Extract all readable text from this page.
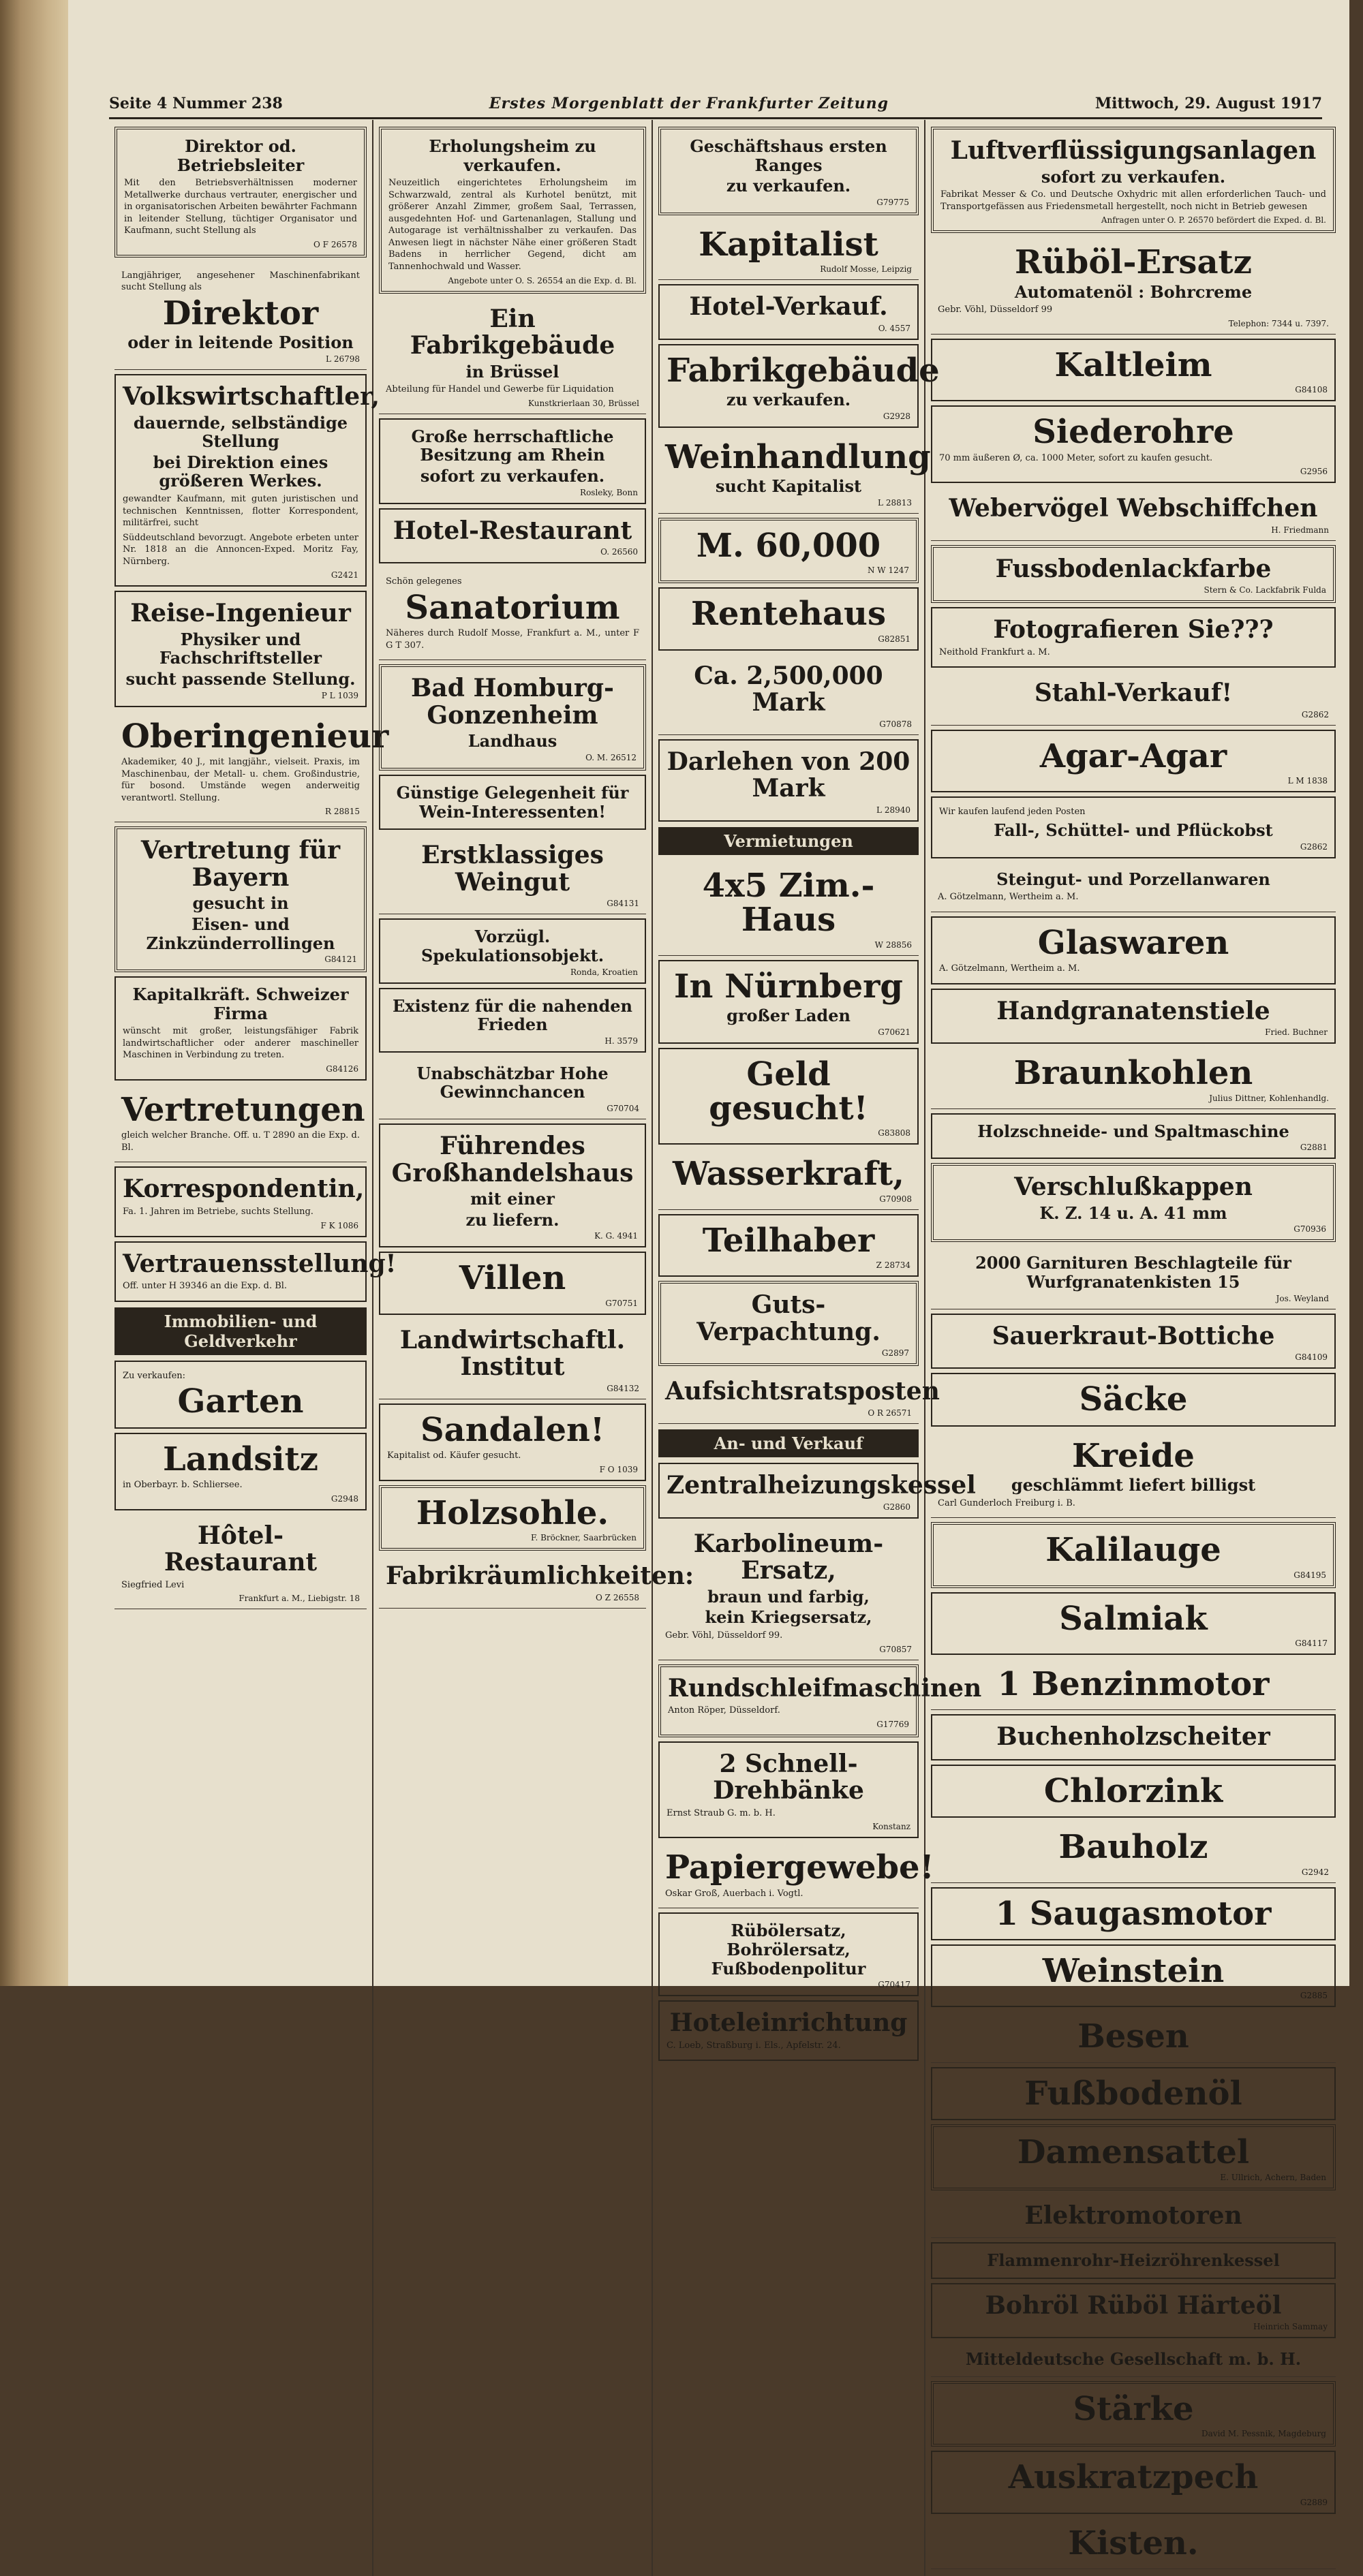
Seite 4 Nummer 238	Erstes Morgenblatt der Frankfurter Zeitung	Mittwoch, 29. August 1917
Direktor od. Betriebsleiter
Mit den Betriebsverhältnissen moderner Metallwerke durchaus vertrauter, energischer und in organisatorischen Arbeiten bewährter Fachmann in leitender Stellung, tüchtiger Organisator und Kaufmann, sucht Stellung als
O F 26578
Langjähriger, angesehener Maschinenfabrikant sucht Stellung als
Direktor
oder in leitende Position
L 26798
Volkswirtschaftler,
dauernde, selbständige Stellung
bei Direktion eines größeren Werkes.
gewandter Kaufmann, mit guten juristischen und technischen Kenntnissen, flotter Korrespondent, militärfrei, sucht
Süddeutschland bevorzugt. Angebote erbeten unter Nr. 1818 an die Annoncen-Exped. Moritz Fay, Nürnberg.
G2421
Reise-Ingenieur
Physiker und Fachschriftsteller
sucht passende Stellung.
P L 1039
Oberingenieur
Akademiker, 40 J., mit langjähr., vielseit. Praxis, im Maschinenbau, der Metall- u. chem. Großindustrie, für bosond. Umstände wegen anderweitig verantwortl. Stellung.
R 28815
Vertretung für Bayern
gesucht in
Eisen- und Zinkzünderrollingen
G84121
Kapitalkräft. Schweizer Firma
wünscht mit großer, leistungsfähiger Fabrik landwirtschaftlicher oder anderer maschineller Maschinen in Verbindung zu treten.
G84126
Vertretungen
gleich welcher Branche. Off. u. T 2890 an die Exp. d. Bl.
Korrespondentin,
Fa. 1. Jahren im Betriebe, suchts Stellung.
F K 1086
Vertrauensstellung!
Off. unter H 39346 an die Exp. d. Bl.
Immobilien- und Geldverkehr
Zu verkaufen:
Garten
Landsitz
in Oberbayr. b. Schliersee.
G2948
Hôtel-Restaurant
Siegfried Levi
Frankfurt a. M., Liebigstr. 18
Erholungsheim zu verkaufen.
Neuzeitlich eingerichtetes Erholungsheim im Schwarzwald, zentral als Kurhotel benützt, mit größerer Anzahl Zimmer, großem Saal, Terrassen, ausgedehnten Hof- und Gartenanlagen, Stallung und Autogarage ist verhältnisshalber zu verkaufen. Das Anwesen liegt in nächster Nähe einer größeren Stadt Badens in herrlicher Gegend, dicht am Tannenhochwald und Wasser.
Angebote unter O. S. 26554 an die Exp. d. Bl.
Ein Fabrikgebäude
in Brüssel
Abteilung für Handel und Gewerbe für Liquidation
Kunstkrierlaan 30, Brüssel
Große herrschaftliche Besitzung am Rhein
sofort zu verkaufen.
Rosleky, Bonn
Hotel-Restaurant
O. 26560
Schön gelegenes
Sanatorium
Näheres durch Rudolf Mosse, Frankfurt a. M., unter F G T 307.
Bad Homburg-Gonzenheim
Landhaus
O. M. 26512
Günstige Gelegenheit für Wein-Interessenten!
Erstklassiges Weingut
G84131
Vorzügl. Spekulationsobjekt.
Ronda, Kroatien
Existenz für die nahenden Frieden
H. 3579
Unabschätzbar Hohe Gewinnchancen
G70704
Führendes Großhandelshaus
mit einer
zu liefern.
K. G. 4941
Villen
G70751
Landwirtschaftl. Institut
G84132
Sandalen!
Kapitalist od. Käufer gesucht.
F O 1039
Holzsohle.
F. Bröckner, Saarbrücken
Fabrikräumlichkeiten:
O Z 26558
Geschäftshaus ersten Ranges
zu verkaufen.
G79775
Kapitalist
Rudolf Mosse, Leipzig
Hotel-Verkauf.
O. 4557
Fabrikgebäude
zu verkaufen.
G2928
Weinhandlung
sucht Kapitalist
L 28813
M. 60,000
N W 1247
Rentehaus
G82851
Ca. 2,500,000 Mark
G70878
Darlehen von 200 Mark
L 28940
Vermietungen
4x5 Zim.-Haus
W 28856
In Nürnberg
großer Laden
G70621
Geld gesucht!
G83808
Wasserkraft,
G70908
Teilhaber
Z 28734
Guts-Verpachtung.
G2897
Aufsichtsratsposten
O R 26571
An- und Verkauf
Zentralheizungskessel
G2860
Karbolineum-Ersatz,
braun und farbig,
kein Kriegsersatz,
Gebr. Vöhl, Düsseldorf 99.
G70857
Rundschleifmaschinen
Anton Röper, Düsseldorf.
G17769
2 Schnell-Drehbänke
Ernst Straub G. m. b. H.
Konstanz
Papiergewebe!
Oskar Groß, Auerbach i. Vogtl.
Rübölersatz, Bohrölersatz, Fußbodenpolitur
G70417
Hoteleinrichtung
C. Loeb, Straßburg i. Els., Apfelstr. 24.
Luftverflüssigungsanlagen
sofort zu verkaufen.
Fabrikat Messer & Co. und Deutsche Oxhydric mit allen erforderlichen Tauch- und Transportgefässen aus Friedensmetall hergestellt, noch nicht in Betrieb gewesen
Anfragen unter O. P. 26570 befördert die Exped. d. Bl.
Rüböl-Ersatz
Automatenöl : Bohrcreme
Gebr. Vöhl, Düsseldorf 99
Telephon: 7344 u. 7397.
Kaltleim
G84108
Siederohre
70 mm äußeren Ø, ca. 1000 Meter, sofort zu kaufen gesucht.
G2956
Webervögel Webschiffchen
H. Friedmann
Fussbodenlackfarbe
Stern & Co. Lackfabrik Fulda
Fotografieren Sie???
Neithold Frankfurt a. M.
Stahl-Verkauf!
G2862
Agar-Agar
L M 1838
Wir kaufen laufend jeden Posten
Fall-, Schüttel- und Pflückobst
G2862
Steingut- und Porzellanwaren
A. Götzelmann, Wertheim a. M.
Glaswaren
A. Götzelmann, Wertheim a. M.
Handgranatenstiele
Fried. Buchner
Braunkohlen
Julius Dittner, Kohlenhandlg.
Holzschneide- und Spaltmaschine
G2881
Verschlußkappen
K. Z. 14 u. A. 41 mm
G70936
2000 Garnituren Beschlagteile für Wurfgranatenkisten 15
Jos. Weyland
Sauerkraut-Bottiche
G84109
Säcke
Kreide
geschlämmt liefert billigst
Carl Gunderloch Freiburg i. B.
Kalilauge
G84195
Salmiak
G84117
1 Benzinmotor
Buchenholzscheiter
Chlorzink
Bauholz
G2942
1 Saugasmotor
Weinstein
G2885
Besen
Fußbodenöl
Damensattel
E. Ullrich, Achern, Baden
Elektromotoren
Flammenrohr-Heizröhrenkessel
Bohröl Rüböl Härteöl
Heinrich Sammay
Mitteldeutsche Gesellschaft m. b. H.
Stärke
David M. Pessnik, Magdeburg
Auskratzpech
G2889
Kisten.
